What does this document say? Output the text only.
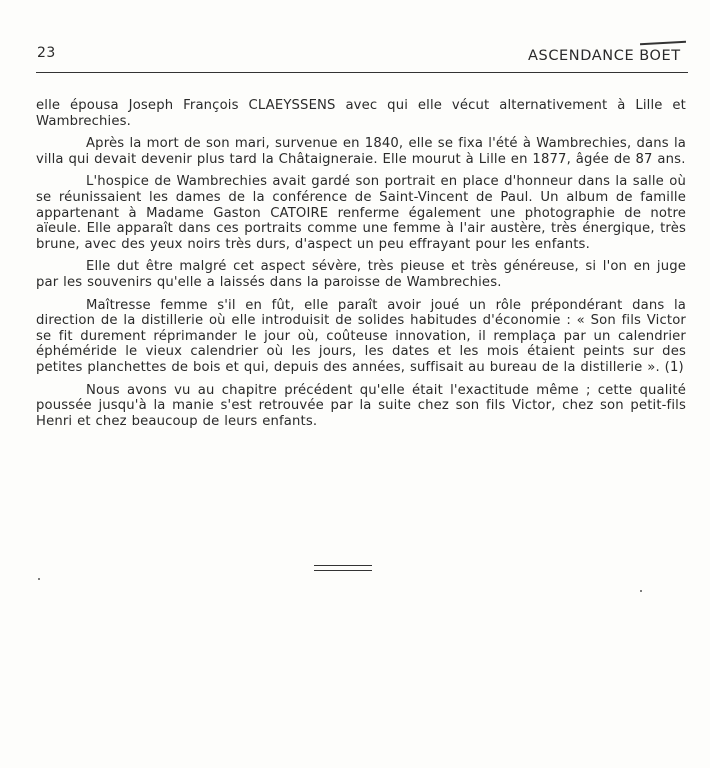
23	ASCENDANCE BOET

elle épousa Joseph François CLAEYSSENS avec qui elle vécut alternativement à Lille et Wambrechies.

Après la mort de son mari, survenue en 1840, elle se fixa l'été à Wambrechies, dans la villa qui devait devenir plus tard la Châtaigneraie. Elle mourut à Lille en 1877, âgée de 87 ans.

L'hospice de Wambrechies avait gardé son portrait en place d'honneur dans la salle où se réunissaient les dames de la conférence de Saint-Vincent de Paul. Un album de famille appartenant à Madame Gaston CATOIRE renferme également une photographie de notre aïeule. Elle apparaît dans ces portraits comme une femme à l'air austère, très énergique, très brune, avec des yeux noirs très durs, d'aspect un peu effrayant pour les enfants.

Elle dut être malgré cet aspect sévère, très pieuse et très généreuse, si l'on en juge par les souvenirs qu'elle a laissés dans la paroisse de Wambrechies.

Maîtresse femme s'il en fût, elle paraît avoir joué un rôle prépondérant dans la direction de la distillerie où elle introduisit de solides habitudes d'économie : « Son fils Victor se fit durement réprimander le jour où, coûteuse innovation, il remplaça par un calendrier éphéméride le vieux calendrier où les jours, les dates et les mois étaient peints sur des petites planchettes de bois et qui, depuis des années, suffisait au bureau de la distillerie ». (1)

Nous avons vu au chapitre précédent qu'elle était l'exactitude même ; cette qualité poussée jusqu'à la manie s'est retrouvée par la suite chez son fils Victor, chez son petit-fils Henri et chez beaucoup de leurs enfants.
